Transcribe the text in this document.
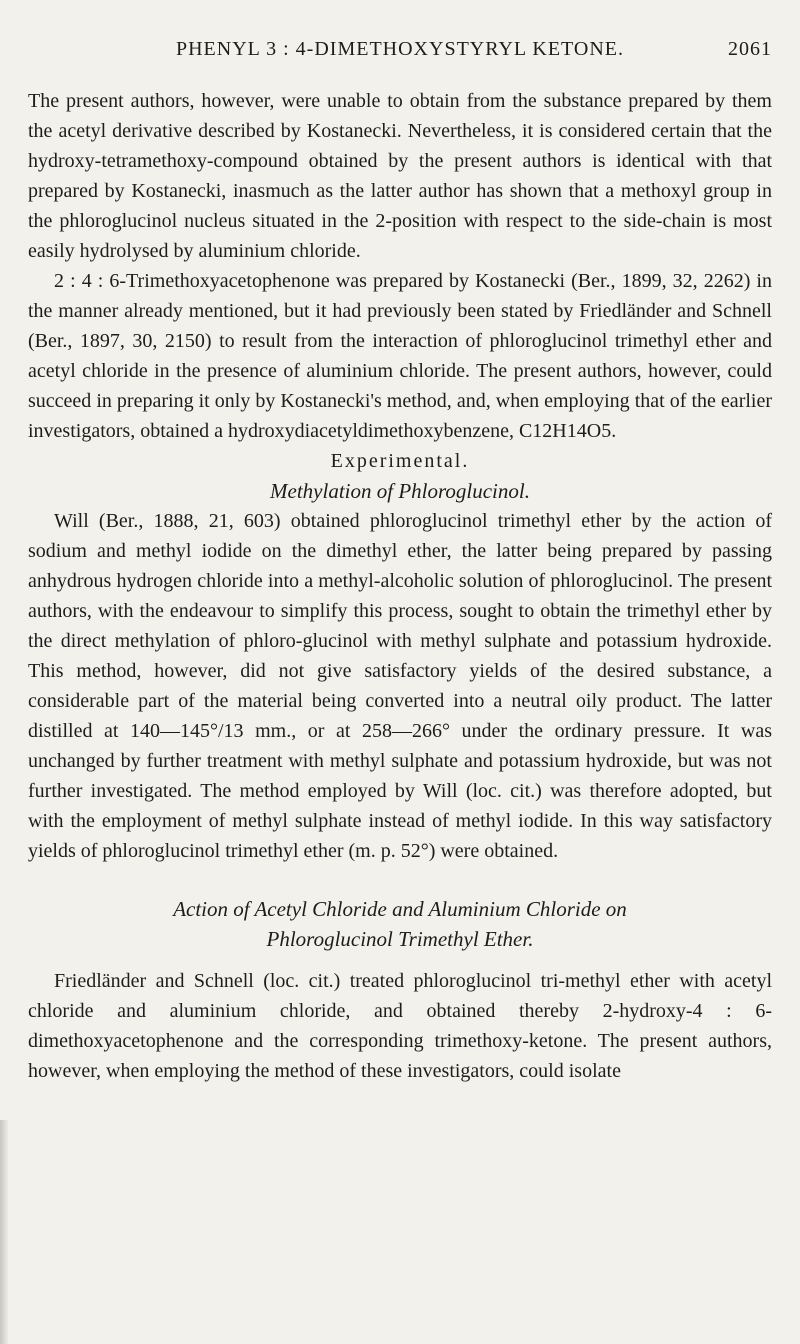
PHENYL 3 : 4-DIMETHOXYSTYRYL KETONE.	2061

The present authors, however, were unable to obtain from the substance prepared by them the acetyl derivative described by Kostanecki. Nevertheless, it is considered certain that the hydroxy-tetramethoxy-compound obtained by the present authors is identical with that prepared by Kostanecki, inasmuch as the latter author has shown that a methoxyl group in the phloroglucinol nucleus situated in the 2-position with respect to the side-chain is most easily hydrolysed by aluminium chloride.

2 : 4 : 6-Trimethoxyacetophenone was prepared by Kostanecki (Ber., 1899, 32, 2262) in the manner already mentioned, but it had previously been stated by Friedländer and Schnell (Ber., 1897, 30, 2150) to result from the interaction of phloroglucinol trimethyl ether and acetyl chloride in the presence of aluminium chloride. The present authors, however, could succeed in preparing it only by Kostanecki's method, and, when employing that of the earlier investigators, obtained a hydroxydiacetyldimethoxybenzene, C12H14O5.

Experimental.
Methylation of Phloroglucinol.

Will (Ber., 1888, 21, 603) obtained phloroglucinol trimethyl ether by the action of sodium and methyl iodide on the dimethyl ether, the latter being prepared by passing anhydrous hydrogen chloride into a methyl-alcoholic solution of phloroglucinol. The present authors, with the endeavour to simplify this process, sought to obtain the trimethyl ether by the direct methylation of phloro-glucinol with methyl sulphate and potassium hydroxide. This method, however, did not give satisfactory yields of the desired substance, a considerable part of the material being converted into a neutral oily product. The latter distilled at 140—145°/13 mm., or at 258—266° under the ordinary pressure. It was unchanged by further treatment with methyl sulphate and potassium hydroxide, but was not further investigated. The method employed by Will (loc. cit.) was therefore adopted, but with the employment of methyl sulphate instead of methyl iodide. In this way satisfactory yields of phloroglucinol trimethyl ether (m. p. 52°) were obtained.

Action of Acetyl Chloride and Aluminium Chloride on
Phloroglucinol Trimethyl Ether.

Friedländer and Schnell (loc. cit.) treated phloroglucinol tri-methyl ether with acetyl chloride and aluminium chloride, and obtained thereby 2-hydroxy-4 : 6-dimethoxyacetophenone and the corresponding trimethoxy-ketone. The present authors, however, when employing the method of these investigators, could isolate
